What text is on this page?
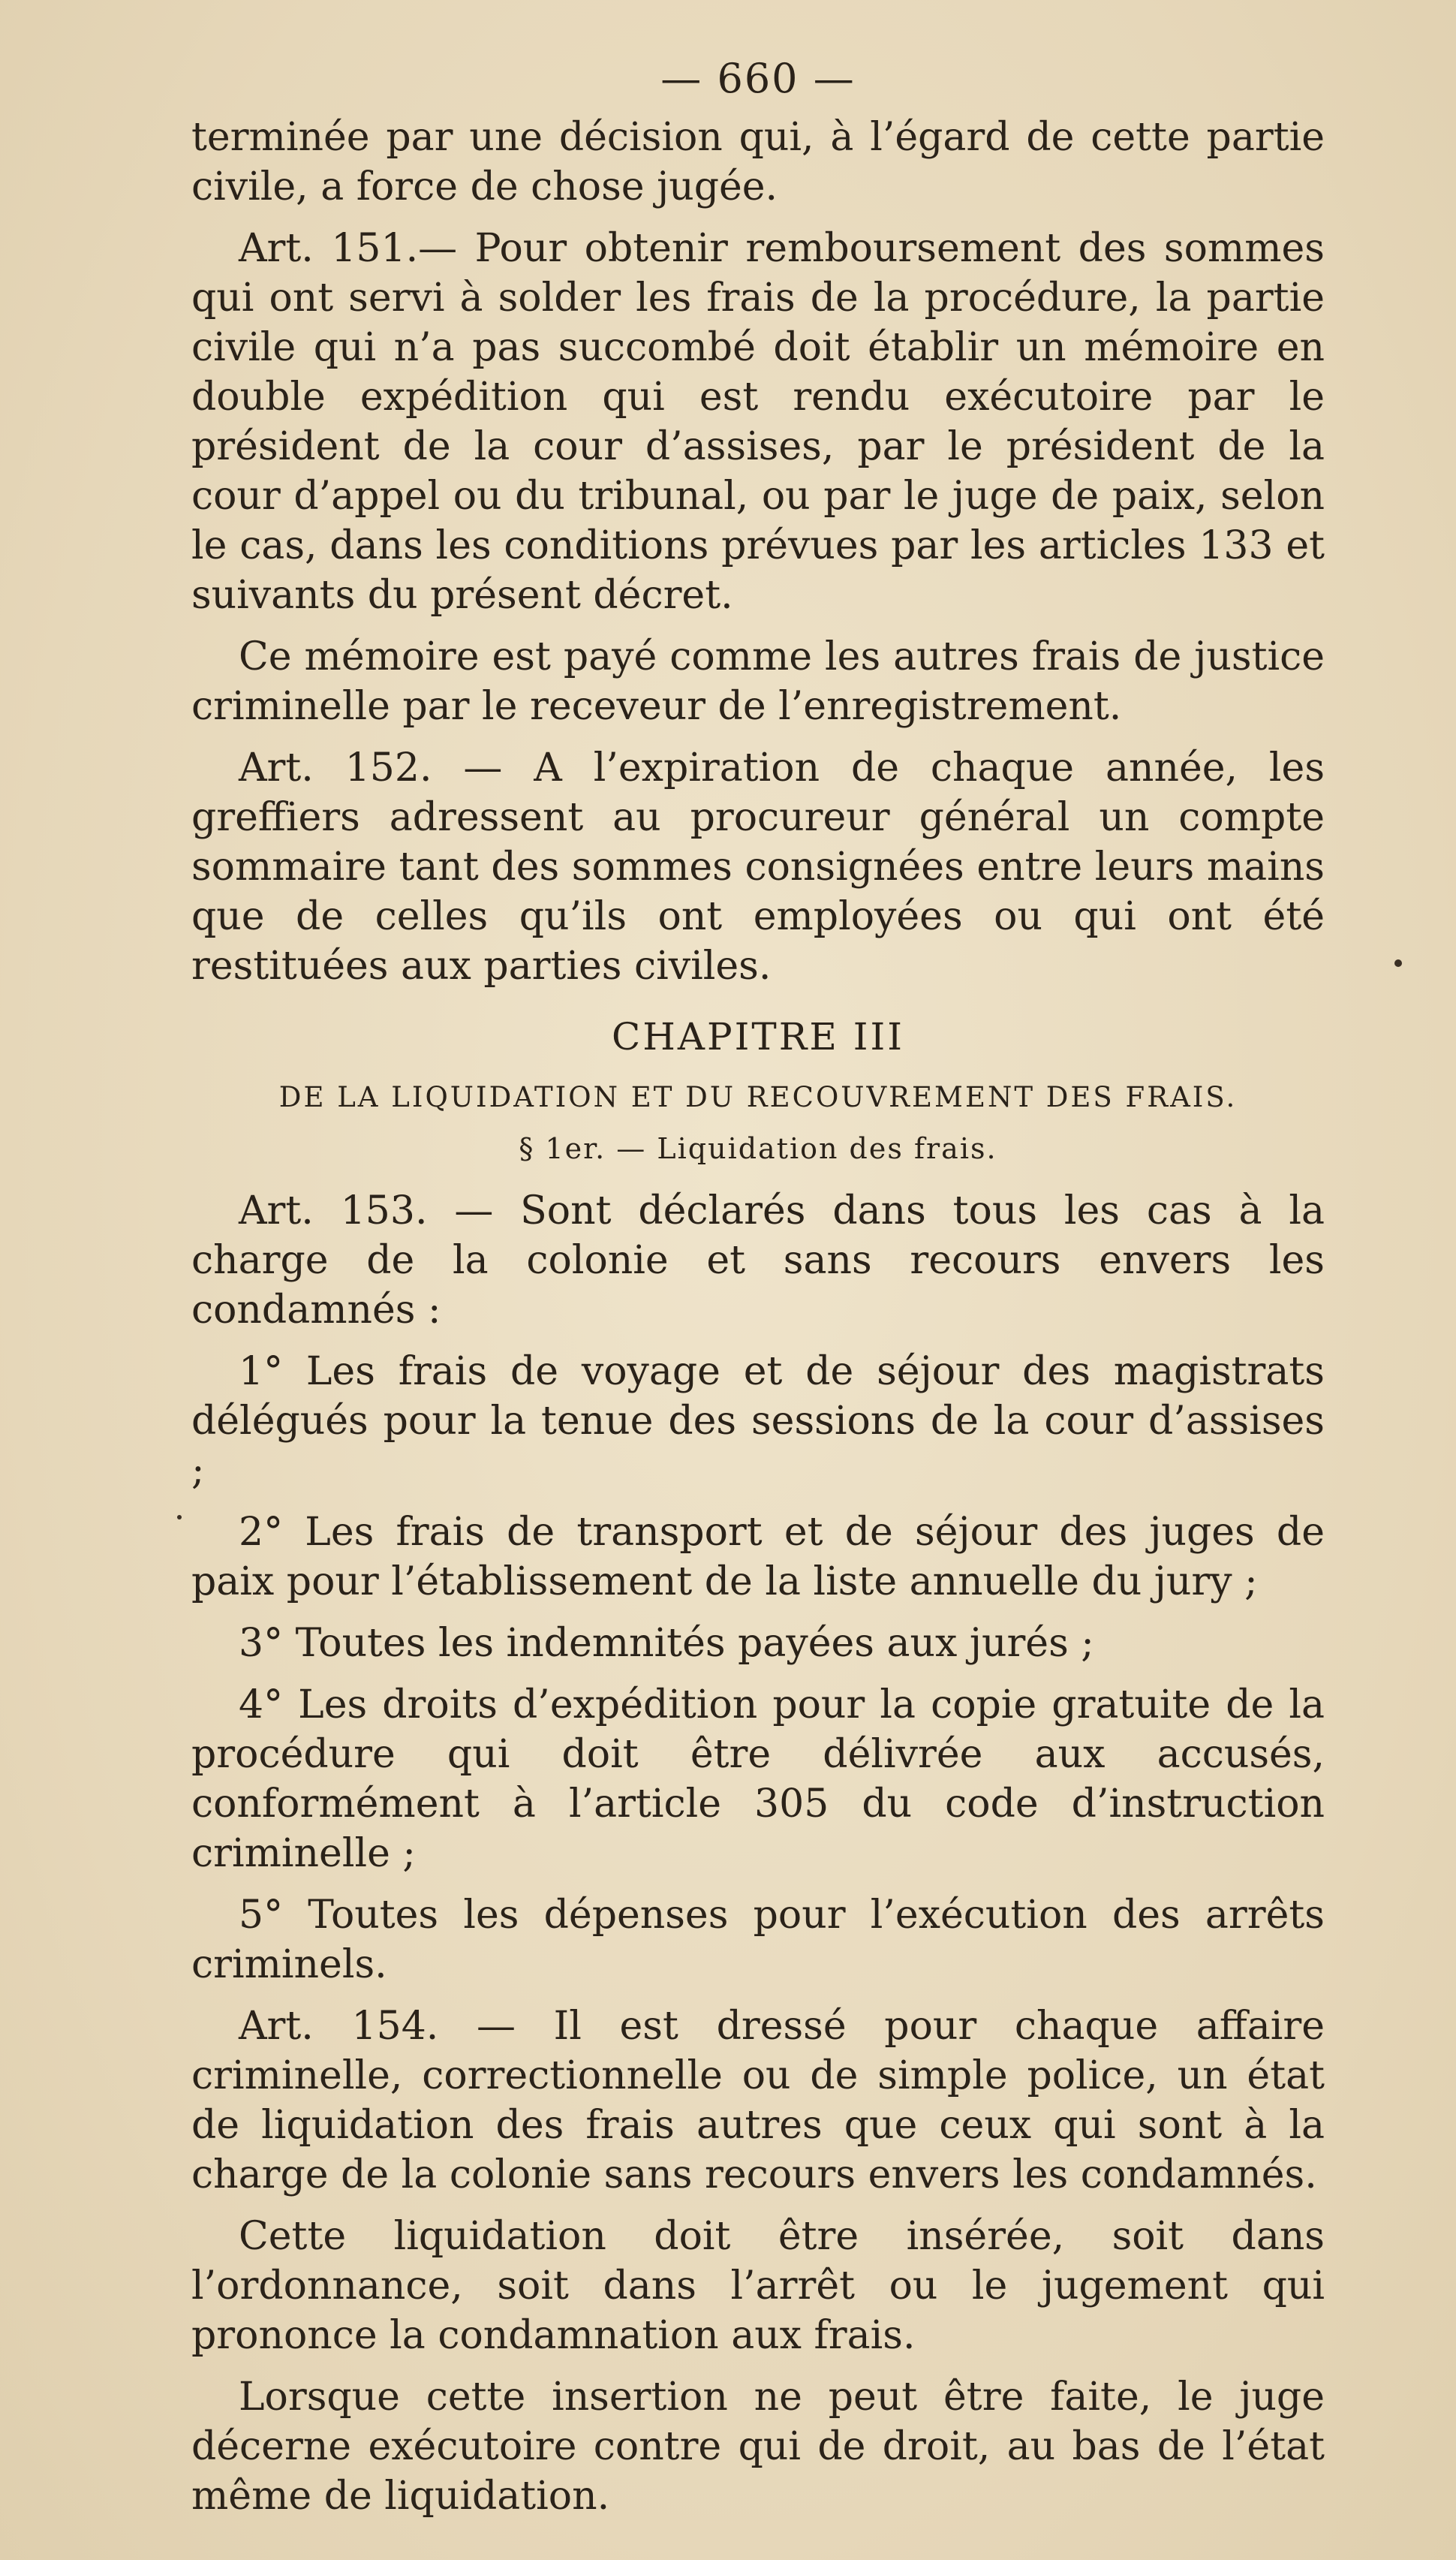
— 660 —

terminée par une décision qui, à l’égard de cette partie civile, a force de chose jugée.

Art. 151.— Pour obtenir remboursement des sommes qui ont servi à solder les frais de la procédure, la partie civile qui n’a pas succombé doit établir un mémoire en double expédition qui est rendu exécutoire par le président de la cour d’assises, par le président de la cour d’appel ou du tribunal, ou par le juge de paix, selon le cas, dans les conditions prévues par les articles 133 et suivants du présent décret.

Ce mémoire est payé comme les autres frais de justice criminelle par le receveur de l’enregistrement.

Art. 152. — A l’expiration de chaque année, les greffiers adressent au procureur général un compte sommaire tant des sommes consignées entre leurs mains que de celles qu’ils ont employées ou qui ont été restituées aux parties civiles.

CHAPITRE III
DE LA LIQUIDATION ET DU RECOUVREMENT DES FRAIS.
§ 1er. — Liquidation des frais.

Art. 153. — Sont déclarés dans tous les cas à la charge de la colonie et sans recours envers les condamnés :

1° Les frais de voyage et de séjour des magistrats délégués pour la tenue des sessions de la cour d’assises ;

2° Les frais de transport et de séjour des juges de paix pour l’établissement de la liste annuelle du jury ;

3° Toutes les indemnités payées aux jurés ;

4° Les droits d’expédition pour la copie gratuite de la procédure qui doit être délivrée aux accusés, conformément à l’article 305 du code d’instruction criminelle ;

5° Toutes les dépenses pour l’exécution des arrêts criminels.

Art. 154. — Il est dressé pour chaque affaire criminelle, correctionnelle ou de simple police, un état de liquidation des frais autres que ceux qui sont à la charge de la colonie sans recours envers les condamnés.

Cette liquidation doit être insérée, soit dans l’ordonnance, soit dans l’arrêt ou le jugement qui prononce la condamnation aux frais.

Lorsque cette insertion ne peut être faite, le juge décerne exécutoire contre qui de droit, au bas de l’état même de liquidation.
